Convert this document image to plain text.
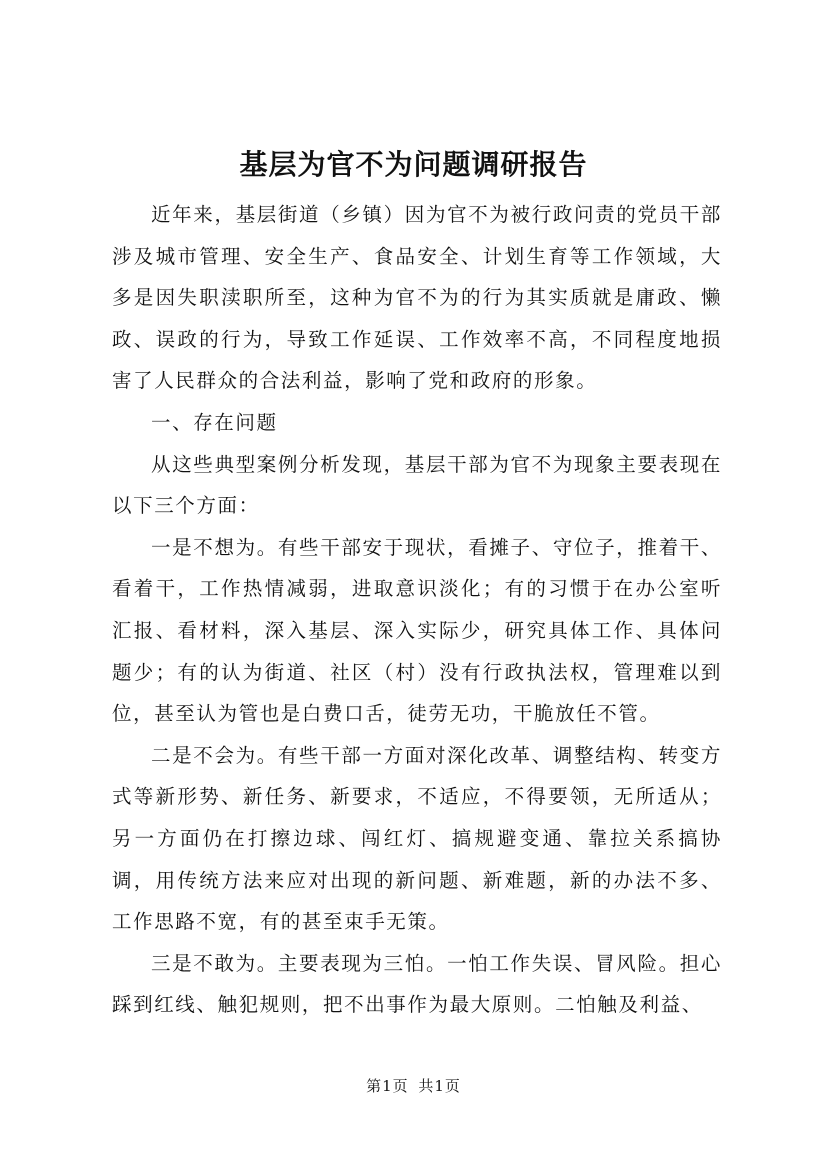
基层为官不为问题调研报告

近年来，基层街道（乡镇）因为官不为被行政问责的党员干部涉及城市管理、安全生产、食品安全、计划生育等工作领域，大多是因失职渎职所至，这种为官不为的行为其实质就是庸政、懒政、误政的行为，导致工作延误、工作效率不高，不同程度地损害了人民群众的合法利益，影响了党和政府的形象。

一、存在问题

从这些典型案例分析发现，基层干部为官不为现象主要表现在以下三个方面：

一是不想为。有些干部安于现状，看摊子、守位子，推着干、看着干，工作热情减弱，进取意识淡化；有的习惯于在办公室听汇报、看材料，深入基层、深入实际少，研究具体工作、具体问题少；有的认为街道、社区（村）没有行政执法权，管理难以到位，甚至认为管也是白费口舌，徒劳无功，干脆放任不管。

二是不会为。有些干部一方面对深化改革、调整结构、转变方式等新形势、新任务、新要求，不适应，不得要领，无所适从；另一方面仍在打擦边球、闯红灯、搞规避变通、靠拉关系搞协调，用传统方法来应对出现的新问题、新难题，新的办法不多、工作思路不宽，有的甚至束手无策。

三是不敢为。主要表现为三怕。一怕工作失误、冒风险。担心踩到红线、触犯规则，把不出事作为最大原则。二怕触及利益、

第1页 共1页
